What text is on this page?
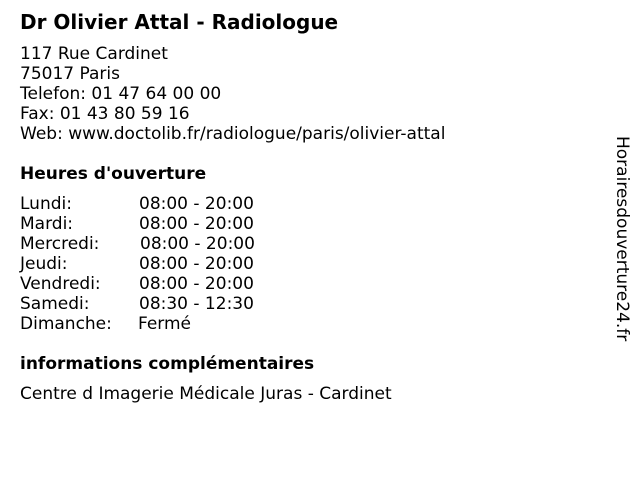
Dr Olivier Attal - Radiologue
117 Rue Cardinet
75017 Paris
Telefon: 01 47 64 00 00
Fax: 01 43 80 59 16
Web: www.doctolib.fr/radiologue/paris/olivier-attal
Heures d'ouverture
Lundi:	08:00 - 20:00
Mardi:	08:00 - 20:00
Mercredi: 08:00 - 20:00
Jeudi:	08:00 - 20:00
Vendredi: 08:00 - 20:00
Samedi:	08:30 - 12:30
Dimanche: Fermé
informations complémentaires
Centre d Imagerie Médicale Juras - Cardinet
Horairesdouverture24.fr
